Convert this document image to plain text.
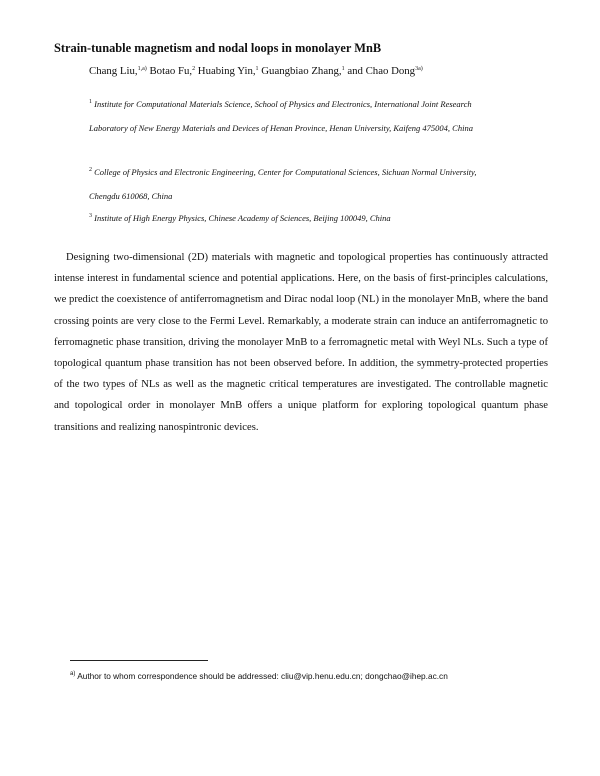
Strain-tunable magnetism and nodal loops in monolayer MnB
Chang Liu,$^{1,a)}$ Botao Fu,$^2$ Huabing Yin,$^1$ Guangbiao Zhang,$^1$ and Chao Dong$^{3a)}$
$^1$ Institute for Computational Materials Science, School of Physics and Electronics, International Joint Research Laboratory of New Energy Materials and Devices of Henan Province, Henan University, Kaifeng 475004, China
$^2$ College of Physics and Electronic Engineering, Center for Computational Sciences, Sichuan Normal University, Chengdu 610068, China
$^3$ Institute of High Energy Physics, Chinese Academy of Sciences, Beijing 100049, China
Designing two-dimensional (2D) materials with magnetic and topological properties has continuously attracted intense interest in fundamental science and potential applications. Here, on the basis of first-principles calculations, we predict the coexistence of antiferromagnetism and Dirac nodal loop (NL) in the monolayer MnB, where the band crossing points are very close to the Fermi Level. Remarkably, a moderate strain can induce an antiferromagnetic to ferromagnetic phase transition, driving the monolayer MnB to a ferromagnetic metal with Weyl NLs. Such a type of topological quantum phase transition has not been observed before. In addition, the symmetry-protected properties of the two types of NLs as well as the magnetic critical temperatures are investigated. The controllable magnetic and topological order in monolayer MnB offers a unique platform for exploring topological quantum phase transitions and realizing nanospintronic devices.
$^{a)}$ Author to whom correspondence should be addressed: cliu@vip.henu.edu.cn; dongchao@ihep.ac.cn
